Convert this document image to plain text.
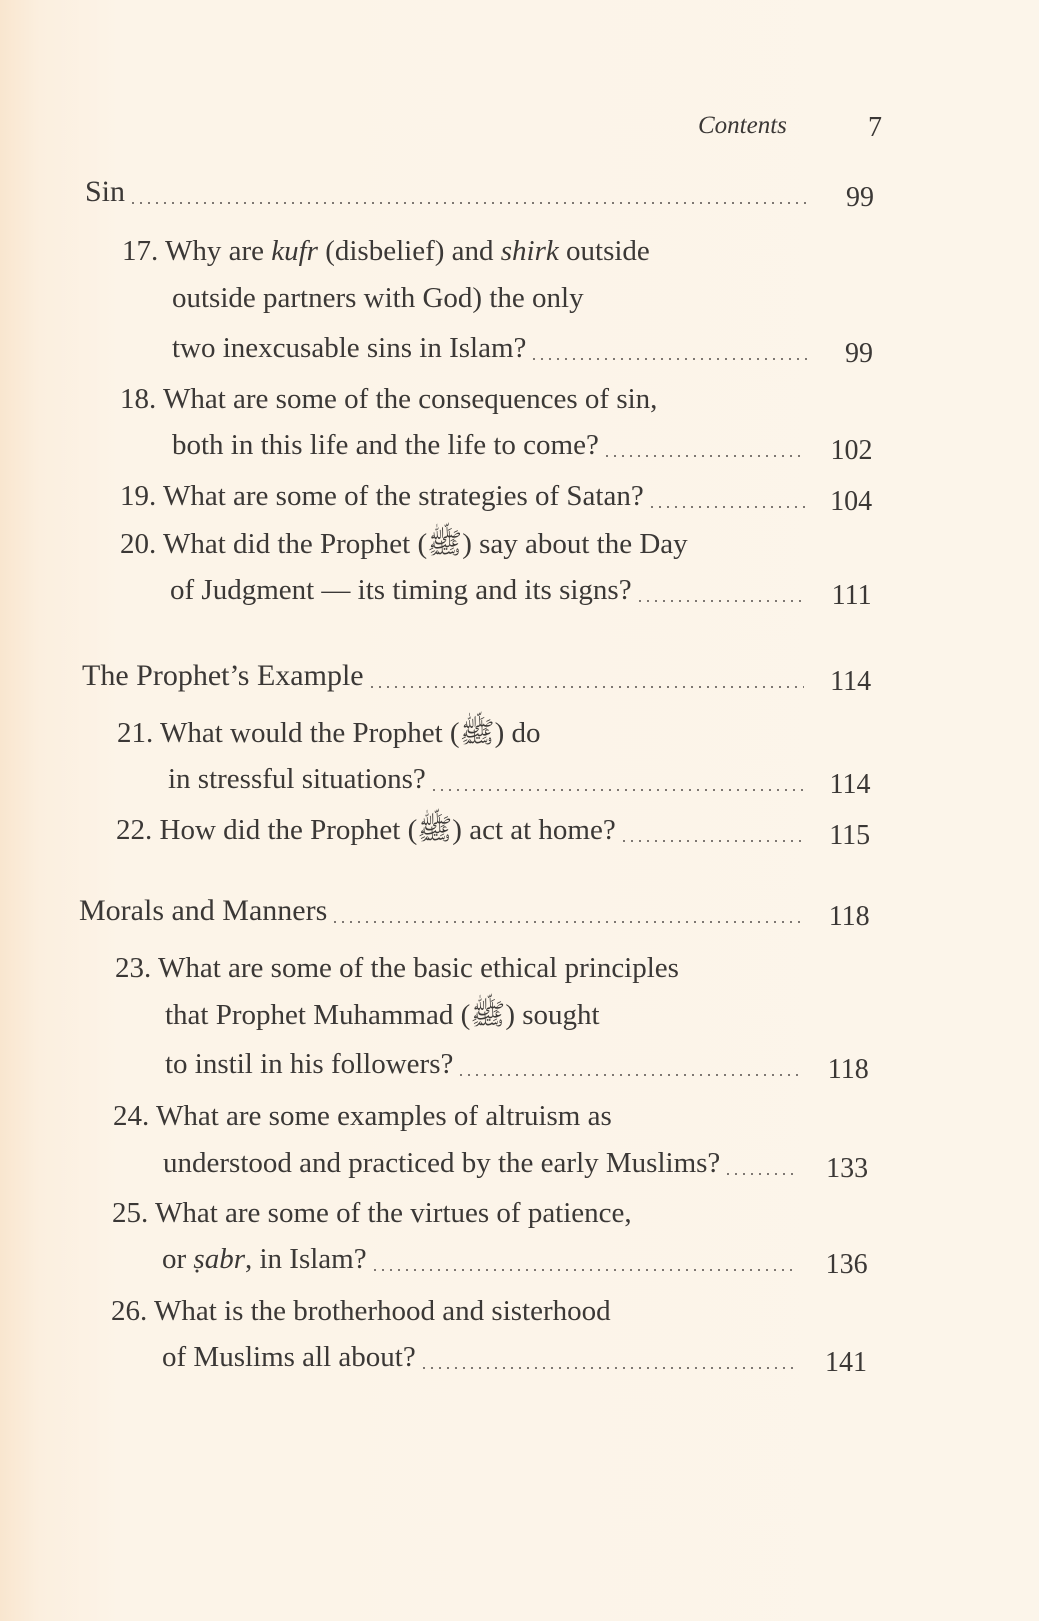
Contents	7
99
Sin
17. Why are kufr (disbelief) and shirk outside
outside partners with God) the only
99
two inexcusable sins in Islam?
18. What are some of the consequences of sin,
102
both in this life and the life to come?
104
19. What are some of the strategies of Satan?
20. What did the Prophet (ﷺ) say about the Day
111
of Judgment — its timing and its signs?
114
The Prophet’s Example
21. What would the Prophet (ﷺ) do
114
in stressful situations?
115
22. How did the Prophet (ﷺ) act at home?
118
Morals and Manners
23. What are some of the basic ethical principles
that Prophet Muhammad (ﷺ) sought
118
to instil in his followers?
24. What are some examples of altruism as
133
understood and practiced by the early Muslims?
25. What are some of the virtues of patience,
136
or ṣabr, in Islam?
26. What is the brotherhood and sisterhood
141
of Muslims all about?
